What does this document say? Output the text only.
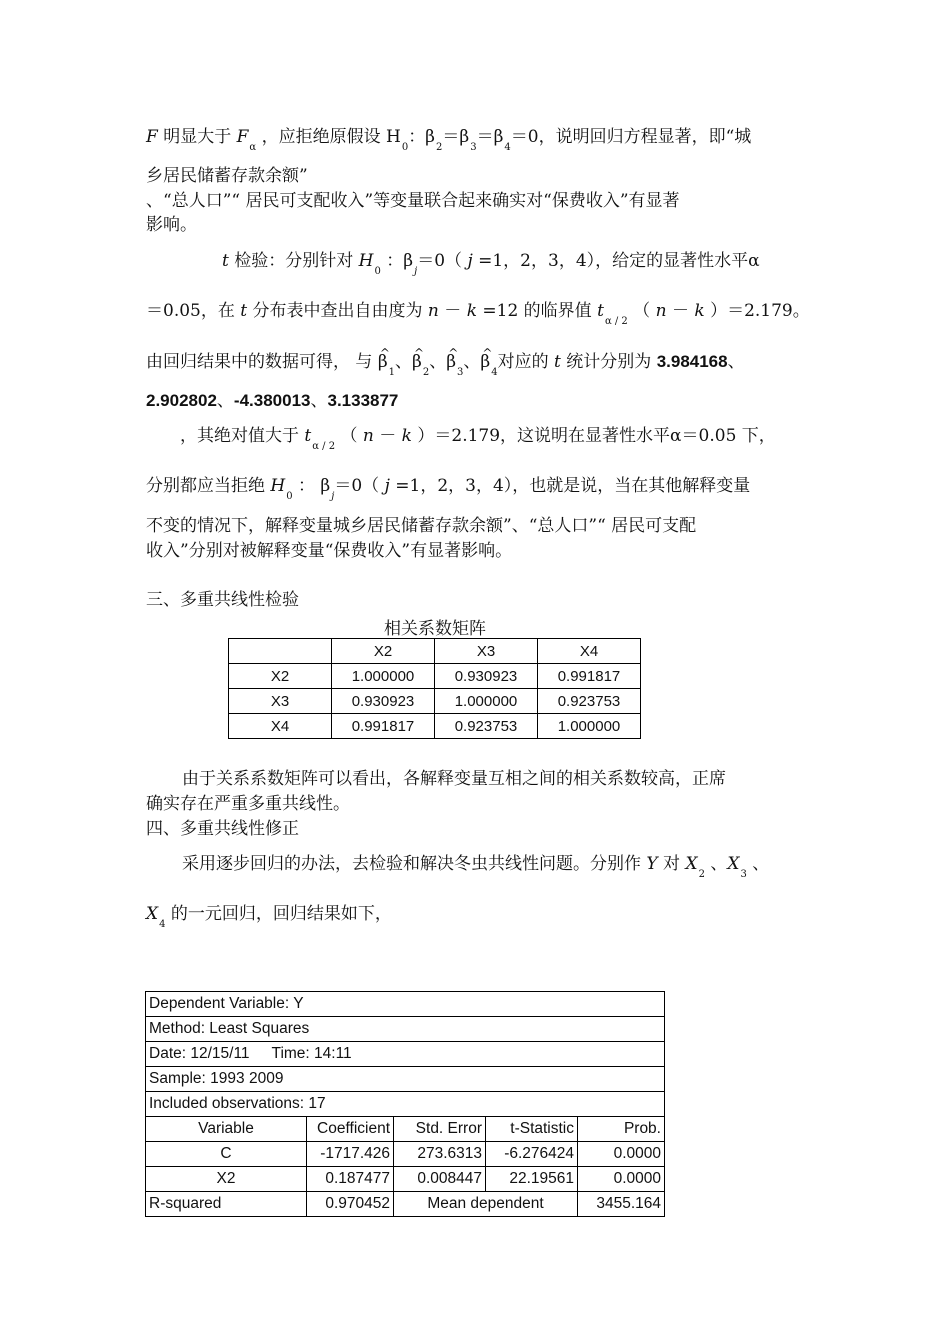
F 明显大于 $F_\alpha$ ，应拒绝原假设 $H_0$：$\beta_2=\beta_3=\beta_4=0$，说明回归方程显著，即“城
乡居民储蓄存款余额”
、“总人口”“ 居民可支配收入”等变量联合起来确实对“保费收入”有显著
影响。
t 检验：分别针对 $H_0$ ：$\beta_j=0$（ j =1，2，3，4），给定的显著性水平α
＝0.05，在 t 分布表中查出自由度为 n － k =12 的临界值 $t_{\alpha / 2}$ （ n － k ）＝2.179。
由回归结果中的数据可得， 与 ^ $\beta_1$、^ $\beta_2$、^ $\beta_3$、^ $\beta_4$对应的 t 统计分别为 3.984168、
2.902802、-4.380013、3.133877
，其绝对值大于 $t_{\alpha / 2}$ （ n － k ）＝2.179，这说明在显著性水平α＝0.05 下，
分别都应当拒绝 $H_0$ ： $\beta_j=0$（ j =1，2，3，4），也就是说，当在其他解释变量
不变的情况下，解释变量城乡居民储蓄存款余额”、“总人口”“ 居民可支配
收入”分别对被解释变量“保费收入”有显著影响。
三、多重共线性检验
相关系数矩阵
	X2	X3	X4
X2	1.000000	0.930923	0.991817
X3	0.930923	1.000000	0.923753
X4	0.991817	0.923753	1.000000
由于关系系数矩阵可以看出，各解释变量互相之间的相关系数较高，正席
确实存在严重多重共线性。
四、多重共线性修正
采用逐步回归的办法，去检验和解决冬虫共线性问题。分别作 Y 对 $X_2$ 、$X_3$ 、
$X_4$ 的一元回归，回归结果如下，
Dependent Variable: Y				
Method: Least Squares				
Date: 12/15/11 Time: 14:11				
Sample: 1993 2009				
Included observations: 17				
Variable	Coefficient	Std. Error	t-Statistic	Prob.
C	-1717.426	273.6313	-6.276424	0.0000
X2	0.187477	0.008447	22.19561	0.0000
R-squared	0.970452	Mean dependent		3455.164
